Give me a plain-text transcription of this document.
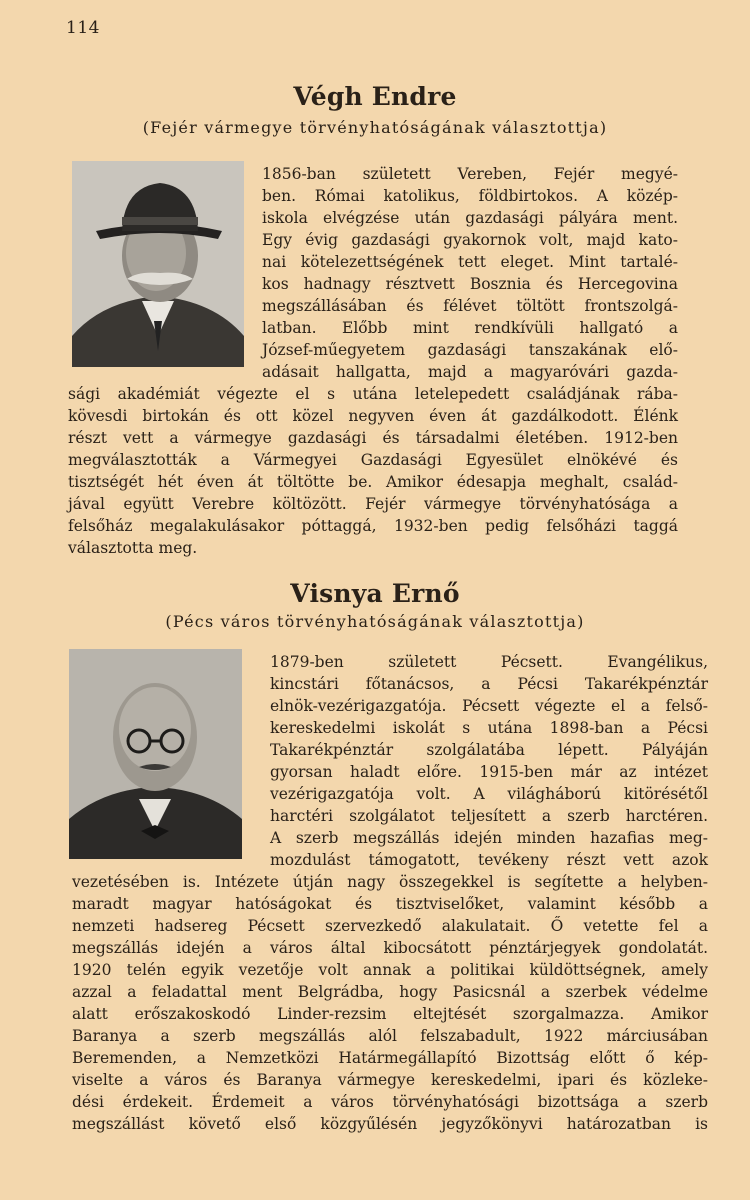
114
Végh Endre
(Fejér vármegye törvényhatóságának választottja)
1856-ban született Vereben, Fejér megyé-
ben. Római katolikus, földbirtokos. A közép-
iskola elvégzése után gazdasági pályára ment.
Egy évig gazdasági gyakornok volt, majd kato-
nai kötelezettségének tett eleget. Mint tartalé-
kos hadnagy résztvett Bosznia és Hercegovina
megszállásában és félévet töltött frontszolgá-
latban. Előbb mint rendkívüli hallgató a
József-műegyetem gazdasági tanszakának elő-
adásait hallgatta, majd a magyaróvári gazda-
sági akadémiát végezte el s utána letelepedett családjának rába-
kövesdi birtokán és ott közel negyven éven át gazdálkodott. Élénk
részt vett a vármegye gazdasági és társadalmi életében. 1912-ben
megválasztották a Vármegyei Gazdasági Egyesület elnökévé és
tisztségét hét éven át töltötte be. Amikor édesapja meghalt, család-
jával együtt Verebre költözött. Fejér vármegye törvényhatósága a
felsőház megalakulásakor póttaggá, 1932-ben pedig felsőházi taggá
választotta meg.
Visnya Ernő
(Pécs város törvényhatóságának választottja)
1879-ben született Pécsett. Evangélikus,
kincstári főtanácsos, a Pécsi Takarékpénztár
elnök-vezérigazgatója. Pécsett végezte el a felső-
kereskedelmi iskolát s utána 1898-ban a Pécsi
Takarékpénztár szolgálatába lépett. Pályáján
gyorsan haladt előre. 1915-ben már az intézet
vezérigazgatója volt. A világháború kitörésétől
harctéri szolgálatot teljesített a szerb harctéren.
A szerb megszállás idején minden hazafias meg-
mozdulást támogatott, tevékeny részt vett azok
vezetésében is. Intézete útján nagy összegekkel is segítette a helyben-
maradt magyar hatóságokat és tisztviselőket, valamint később a
nemzeti hadsereg Pécsett szervezkedő alakulatait. Ő vetette fel a
megszállás idején a város által kibocsátott pénztárjegyek gondolatát.
1920 telén egyik vezetője volt annak a politikai küldöttségnek, amely
azzal a feladattal ment Belgrádba, hogy Pasicsnál a szerbek védelme
alatt erőszakoskodó Linder-rezsim eltejtését szorgalmazza. Amikor
Baranya a szerb megszállás alól felszabadult, 1922 márciusában
Beremenden, a Nemzetközi Határmegállapító Bizottság előtt ő kép-
viselte a város és Baranya vármegye kereskedelmi, ipari és közleke-
dési érdekeit. Érdemeit a város törvényhatósági bizottsága a szerb
megszállást követő első közgyűlésén jegyzőkönyvi határozatban is
